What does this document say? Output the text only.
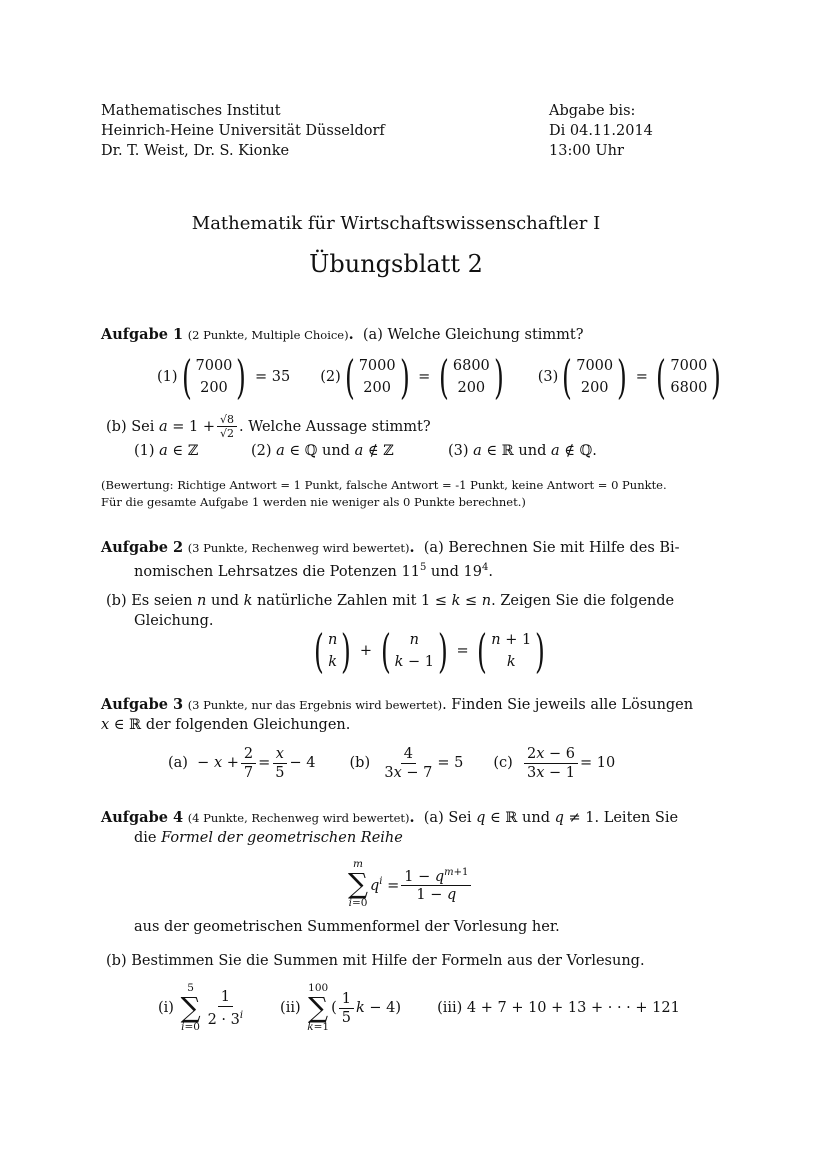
Mathematisches Institut
Heinrich-Heine Universität Düsseldorf
Dr. T. Weist, Dr. S. Kionke
Abgabe bis:
Di 04.11.2014
13:00 Uhr
Mathematik für Wirtschaftswissenschaftler I
Übungsblatt 2
Aufgabe 1 (2 Punkte, Multiple Choice). (a) Welche Gleichung stimmt?
(1) ( 7000
200 ) = 35 (2) ( 7000
200 ) = ( 6800
200 ) (3) ( 7000
200 ) = ( 7000
6800 )
(b) Sei
$a = 1 + \frac{√8}{√2}$ . Welche Aussage stimmt?
(1) a ∈ ℤ	(2) a ∈ ℚ und a ∉ ℤ	(3) a ∈ ℝ und a ∉ ℚ.
(Bewertung: Richtige Antwort = 1 Punkt, falsche Antwort = -1 Punkt, keine Antwort = 0 Punkte.
Für die gesamte Aufgabe 1 werden nie weniger als 0 Punkte berechnet.)
Aufgabe 2 (3 Punkte, Rechenweg wird bewertet). (a) Berechnen Sie mit Hilfe des Bi-
nomischen Lehrsatzes die Potenzen $11^5$ und $19^4$.
(b) Es seien n und k natürliche Zahlen mit 1 ≤ k ≤ n. Zeigen Sie die folgende
Gleichung.
( n
k ) + ( n
k − 1 ) = ( n + 1
k )
Aufgabe 3 (3 Punkte, nur das Ergebnis wird bewertet). Finden Sie jeweils alle Lösungen
x ∈ ℝ der folgenden Gleichungen.
$(a) - x + \frac{2}{7} = \frac{x}{5} - 4$ $(b) \frac{4}{3x - 7} = 5$ $(c) \frac{2x - 6}{3x - 1} = 10$
Aufgabe 4 (4 Punkte, Rechenweg wird bewertet). (a) Sei q ∈ ℝ und q ≠ 1. Leiten Sie
die Formel der geometrischen Reihe
m
∑
i=0
$q^i = \frac{1 - q^{m+1}}{1 - q}$
aus der geometrischen Summenformel der Vorlesung her.
(b) Bestimmen Sie die Summen mit Hilfe der Formeln aus der Vorlesung.
(i)
5
∑
$i=0 \frac{1}{2 \cdot 3^i} (ii)$
100
∑
k=1
( $\frac{1}{5}$ k − 4) (iii) 4 + 7 + 10 + 13 + · · · + 121
